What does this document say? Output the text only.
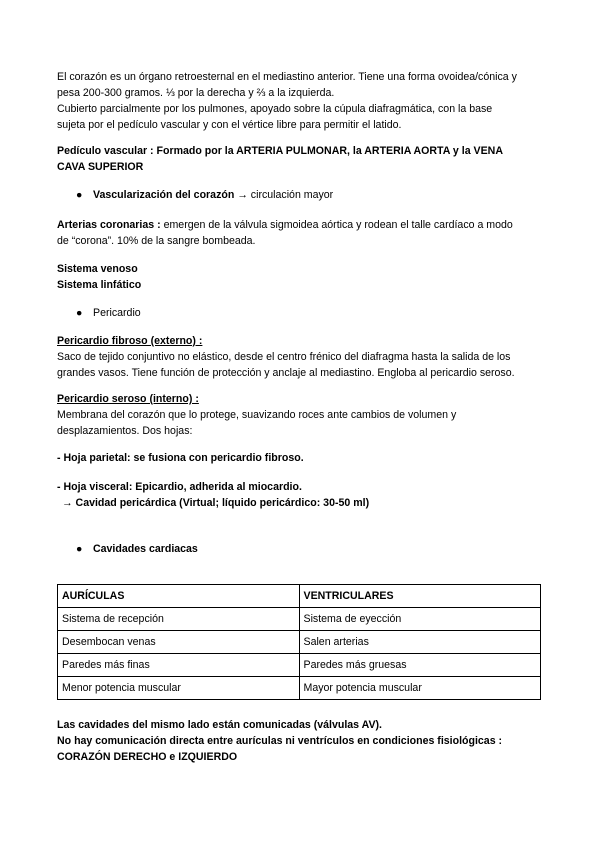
El corazón es un órgano retroesternal en el mediastino anterior. Tiene una forma ovoidea/cónica y
pesa 200-300 gramos. ⅓ por la derecha y ⅔ a la izquierda.
Cubierto parcialmente por los pulmones, apoyado sobre la cúpula diafragmática, con la base
sujeta por el pedículo vascular y con el vértice libre para permitir el latido.
Pedículo vascular : Formado por la ARTERIA PULMONAR, la ARTERIA AORTA y la VENA
CAVA SUPERIOR
● Vascularización del corazón → circulación mayor
Arterias coronarias : emergen de la válvula sigmoidea aórtica y rodean el talle cardíaco a modo
de “corona”. 10% de la sangre bombeada.
Sistema venoso
Sistema linfático
● Pericardio
Pericardio fibroso (externo) :
Saco de tejido conjuntivo no elástico, desde el centro frénico del diafragma hasta la salida de los
grandes vasos. Tiene función de protección y anclaje al mediastino. Engloba al pericardio seroso.
Pericardio seroso (interno) :
Membrana del corazón que lo protege, suavizando roces ante cambios de volumen y
desplazamientos. Dos hojas:
- Hoja parietal: se fusiona con pericardio fibroso.
- Hoja visceral: Epicardio, adherida al miocardio.
→ Cavidad pericárdica (Virtual; líquido pericárdico: 30-50 ml)
● Cavidades cardiacas
AURÍCULAS	VENTRICULARES
Sistema de recepción	Sistema de eyección
Desembocan venas	Salen arterias
Paredes más finas	Paredes más gruesas
Menor potencia muscular	Mayor potencia muscular
Las cavidades del mismo lado están comunicadas (válvulas AV).
No hay comunicación directa entre aurículas ni ventrículos en condiciones fisiológicas :
CORAZÓN DERECHO e IZQUIERDO
